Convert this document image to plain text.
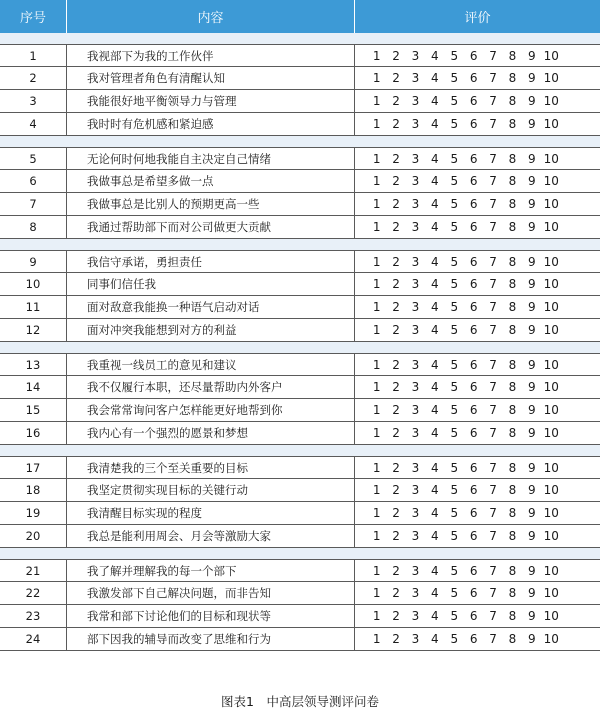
序号	内容	评价
1	我视部下为我的工作伙伴	1 2 3 4 5 6 7 8 9 10
2	我对管理者角色有清醒认知	1 2 3 4 5 6 7 8 9 10
3	我能很好地平衡领导力与管理	1 2 3 4 5 6 7 8 9 10
4	我时时有危机感和紧迫感	1 2 3 4 5 6 7 8 9 10
5	无论何时何地我能自主决定自己情绪	1 2 3 4 5 6 7 8 9 10
6	我做事总是希望多做一点	1 2 3 4 5 6 7 8 9 10
7	我做事总是比别人的预期更高一些	1 2 3 4 5 6 7 8 9 10
8	我通过帮助部下而对公司做更大贡献	1 2 3 4 5 6 7 8 9 10
9	我信守承诺，勇担责任	1 2 3 4 5 6 7 8 9 10
10	同事们信任我	1 2 3 4 5 6 7 8 9 10
11	面对敌意我能换一种语气启动对话	1 2 3 4 5 6 7 8 9 10
12	面对冲突我能想到对方的利益	1 2 3 4 5 6 7 8 9 10
13	我重视一线员工的意见和建议	1 2 3 4 5 6 7 8 9 10
14	我不仅履行本职，还尽量帮助内外客户	1 2 3 4 5 6 7 8 9 10
15	我会常常询问客户怎样能更好地帮到你	1 2 3 4 5 6 7 8 9 10
16	我内心有一个强烈的愿景和梦想	1 2 3 4 5 6 7 8 9 10
17	我清楚我的三个至关重要的目标	1 2 3 4 5 6 7 8 9 10
18	我坚定贯彻实现目标的关键行动	1 2 3 4 5 6 7 8 9 10
19	我清醒目标实现的程度	1 2 3 4 5 6 7 8 9 10
20	我总是能利用周会、月会等激励大家	1 2 3 4 5 6 7 8 9 10
21	我了解并理解我的每一个部下	1 2 3 4 5 6 7 8 9 10
22	我激发部下自己解决问题，而非告知	1 2 3 4 5 6 7 8 9 10
23	我常和部下讨论他们的目标和现状等	1 2 3 4 5 6 7 8 9 10
24	部下因我的辅导而改变了思维和行为	1 2 3 4 5 6 7 8 9 10
图表1　中高层领导测评问卷
